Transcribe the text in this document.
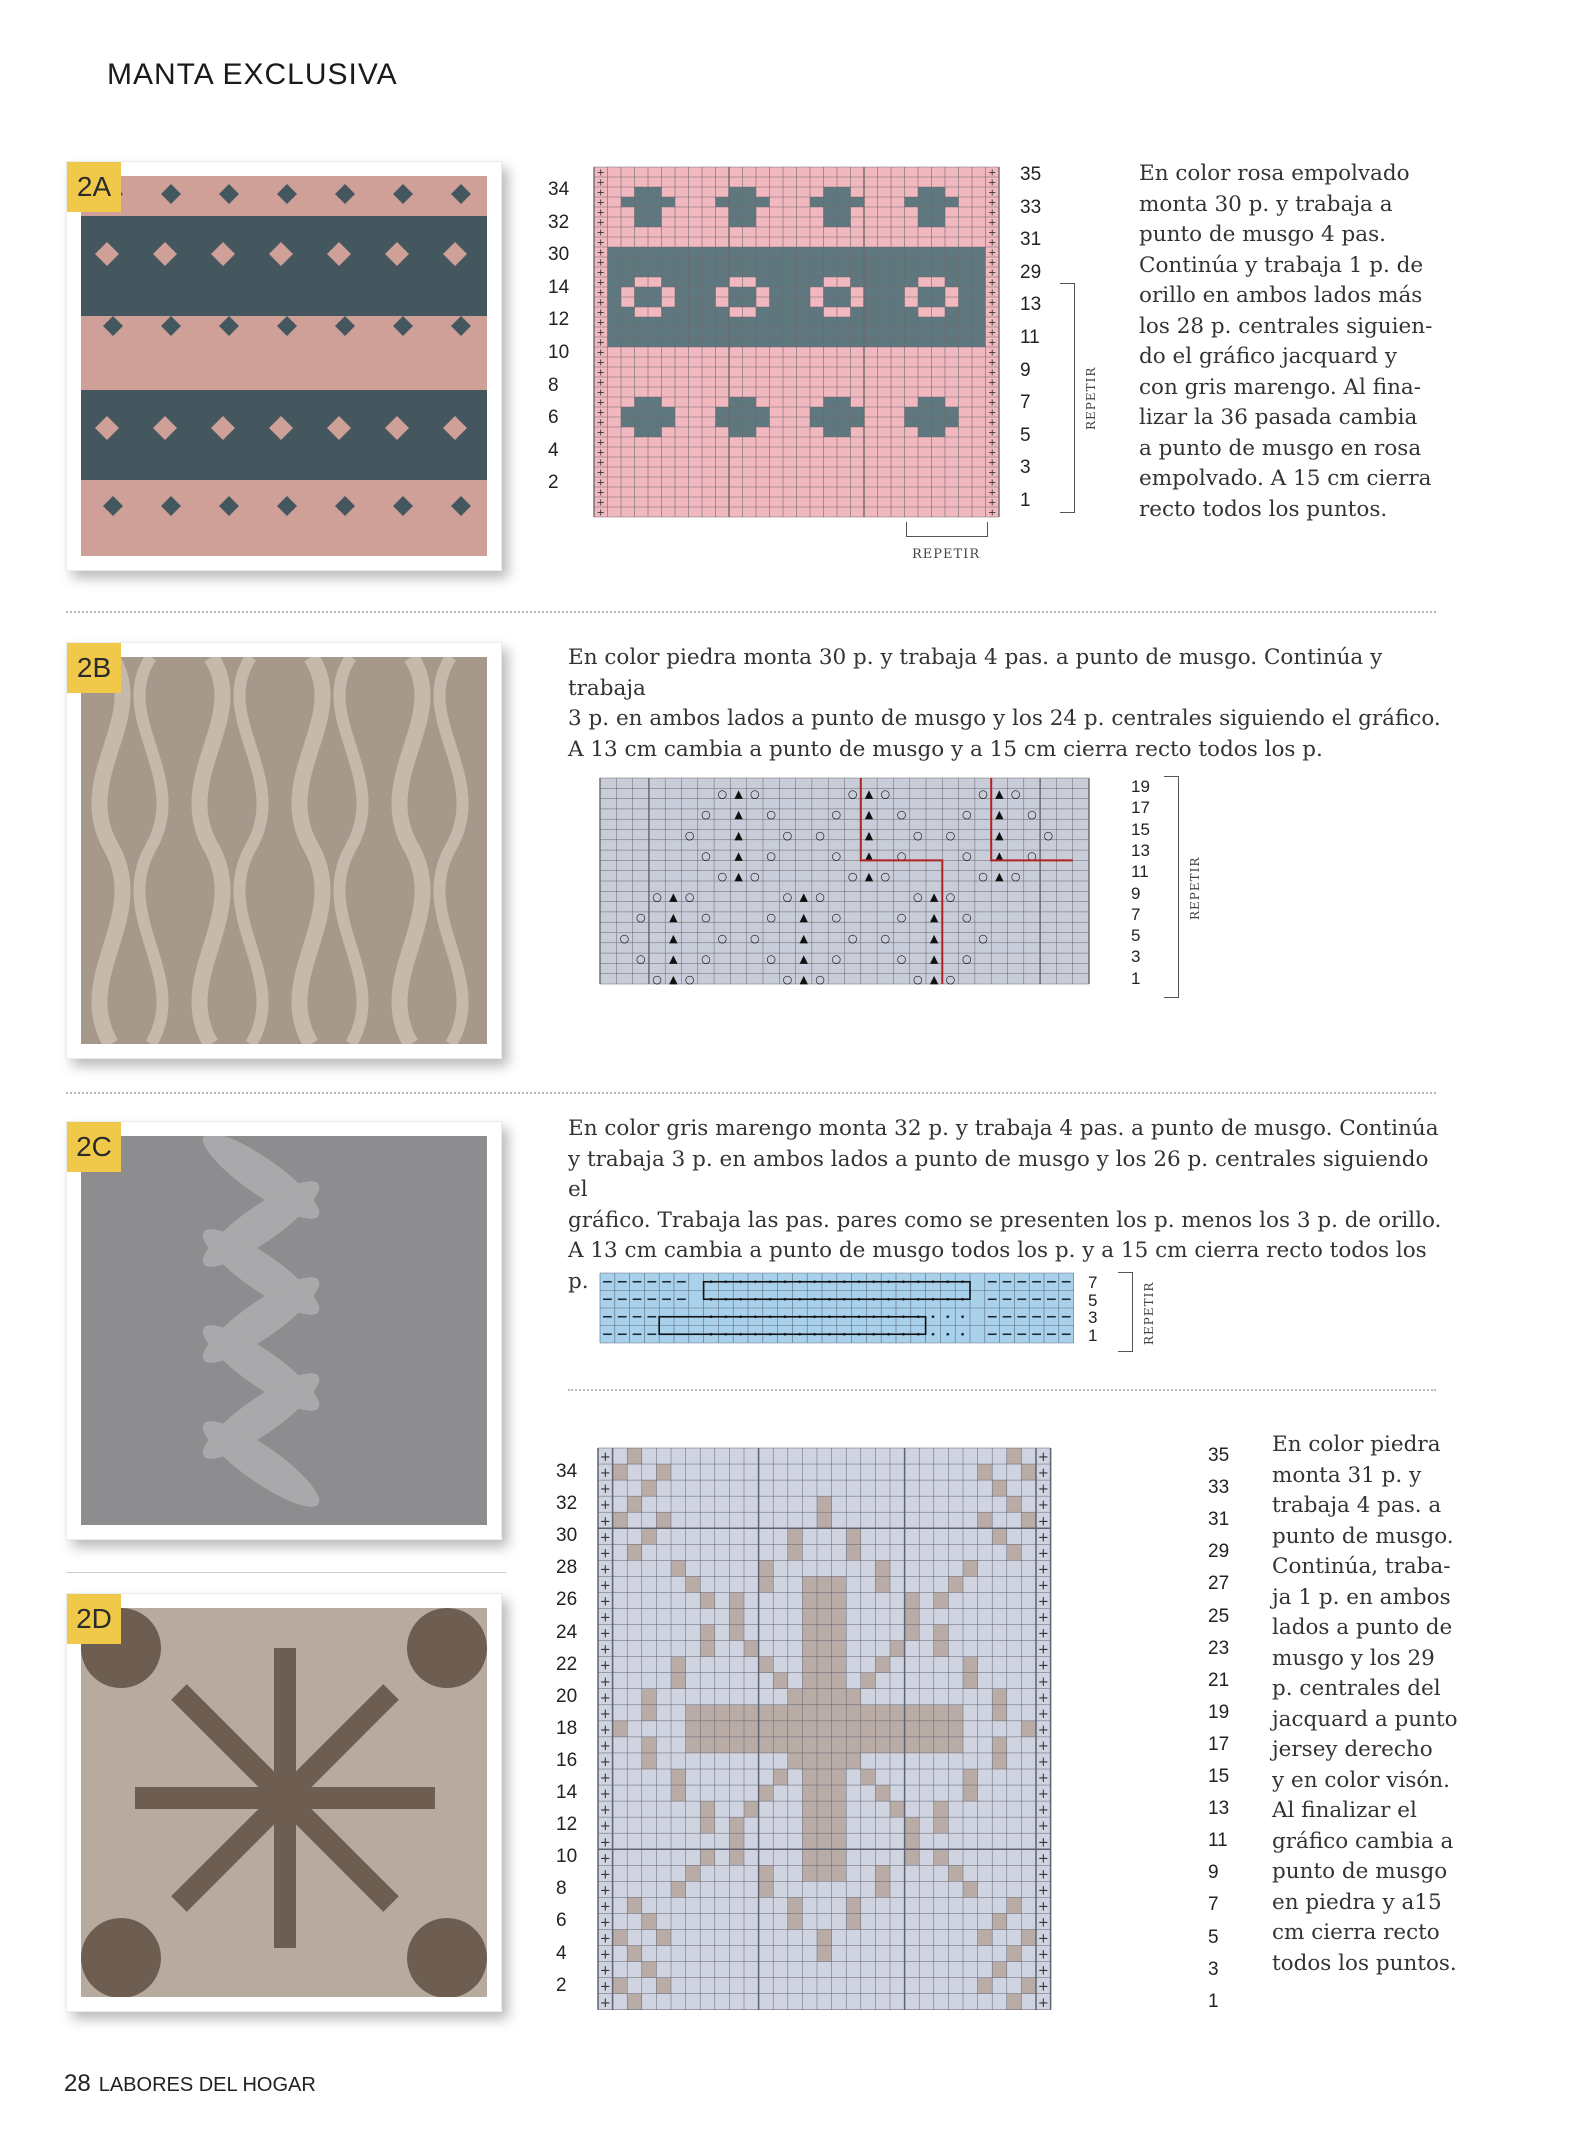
MANTA EXCLUSIVA
2A	+	+
+	+
+	+
+	+
+	+
+	+
+	+
+	+
+	+
+	+
+	+
+	+
+	+
+	+
+	+
+	+
+	+
+	+
+	+
+	+
+	+
+	+
+	+
+	+
+	+
+	+
+	+
+	+
+	+
+	+
+	+
+	+
+	+
+	+
+	+
34
32
30
14
12
10
8
6
4
2
35
33
31
29
13
11
9
7
5
3
1
REPETIR
REPETIR
En color rosa empolvado
monta 30 p. y trabaja a
punto de musgo 4 pas.
Continúa y trabaja 1 p. de
orillo en ambos lados más
los 28 p. centrales siguien-
do el gráfico jacquard y
con gris marengo. Al fina-
lizar la 36 pasada cambia
a punto de musgo en rosa
empolvado. A 15 cm cierra
recto todos los puntos.
2B	En color piedra monta 30 p. y trabaja 4 pas. a punto de musgo. Continúa y trabaja
3 p. en ambos lados a punto de musgo y los 24 p. centrales siguiendo el gráfico.
A 13 cm cambia a punto de musgo y a 15 cm cierra recto todos los p.
○ ▲ ○	○ ▲ ○	○ ▲ ○
○ ▲ ○	○ ▲ ○	○ ▲ ○
○	▲	○ ○	▲	○ ○	▲	○
○ ▲ ○	○ ▲ ○	○ ▲ ○
○ ▲ ○	○ ▲ ○	○ ▲ ○
○ ▲ ○	○ ▲ ○	○ ▲ ○
○ ▲ ○	○ ▲ ○	○ ▲ ○
○	▲	○ ○	▲	○ ○	▲	○
○ ▲ ○	○ ▲ ○	○ ▲ ○
○ ▲ ○	○ ▲ ○	○ ▲ ○
19
17
15
13
11
9
7
5
3
1
REPETIR
2C
En color gris marengo monta 32 p. y trabaja 4 pas. a punto de musgo. Continúa
y trabaja 3 p. en ambos lados a punto de musgo y los 26 p. centrales siguiendo el
gráfico. Trabaja las pas. pares como se presenten los p. menos los 3 p. de orillo.
A 13 cm cambia a punto de musgo todos los p. y a 15 cm cierra recto todos los p.	7
5
3
1	REPETIR
2D
+	+
+	+
+	+
+	+
+	+
+	+
+	+
+	+
+	+
+	+
+	+
+	+
+	+
+	+
+	+
+	+
+	+
+	+
+	+
+	+
+	+
+	+
+	+
+	+
+	+
+	+
+	+
+	+
+	+
+	+
+	+
+	+
+	+
+	+
+	+
34
32
30
28
26
24
22
20
18
16
14
12
10
8
6
4
2
35
33
31
29
27
25
23
21
19
17
15
13
11
9
7
5
3
1
En color piedra
monta 31 p. y
trabaja 4 pas. a
punto de musgo.
Continúa, traba-
ja 1 p. en ambos
lados a punto de
musgo y los 29
p. centrales del
jacquard a punto
jersey derecho
y en color visón.
Al finalizar el
gráfico cambia a
punto de musgo
en piedra y a15
cm cierra recto
todos los puntos.
28 LABORES DEL HOGAR
